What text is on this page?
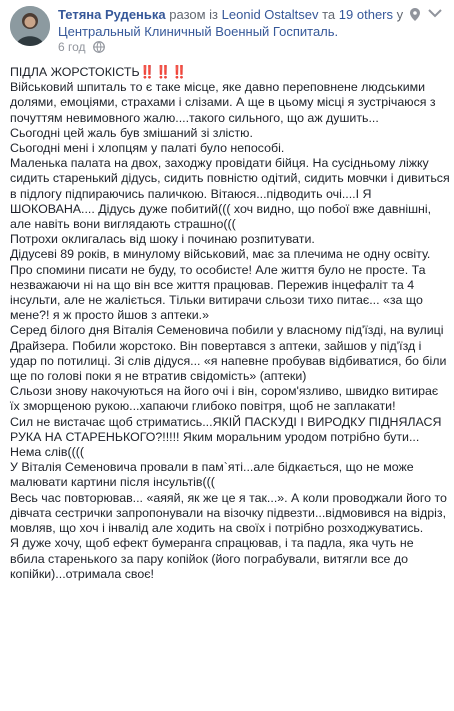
Тетяна Руденька разом із Leonid Ostaltsev та 19 others у
Центральный Клиничный Военный Госпиталь.
6 год

ПІДЛА ЖОРСТОКІСТЬ‼️‼️‼️

Військовий шпиталь то є таке місце, яке давно переповнене людськими долями, емоціями, страхами і слізами. А ще в цьому місці я зустрічаюся з почуттям невимовного жалю....такого сильного, що аж душить...

Сьогодні цей жаль був змішаний зі злістю.

Сьогодні мені і хлопцям у палаті було непособі.

Маленька палата на двох, заходжу провідати бійця. На сусідньому ліжку сидить старенький дідусь, сидить повністю одітий, сидить мовчки і дивиться в підлогу підпираючись паличкою. Вітаюся...підводить очі....І Я ШОКОВАНА.... Дідусь дуже побитий((( хоч видно, що побої вже давнішні, але навіть вони виглядають страшно(((

Потрохи оклигалась від шоку і починаю розпитувати.

Дідусеві 89 років, в минулому військовий, має за плечима не одну освіту. Про спомини писати не буду, то особисте! Але життя було не просте. Та незважаючи ні на що він все життя працював. Пережив інцефаліт та 4 інсульти, але не жаліється. Тільки витирачи сльози тихо питає... «за що мене?! я ж просто йшов з аптеки.»

Серед білого дня Віталія Семеновича побили у власному під'їзді, на вулиці Драйзера. Побили жорстоко. Він повертався з аптеки, зайшов у під'їзд і удар по потилиці. Зі слів дідуся... «я напевне пробував відбиватися, бо біли ще по голові поки я не втратив свідомість» (аптеки)

Сльози знову накочуються на його очі і він, сором'язливо, швидко витирає їх зморщеною рукою...хапаючи глибоко повітря, щоб не заплакати!

Сил не вистачає щоб стриматись...ЯКІЙ ПАСКУДІ І ВИРОДКУ ПІДНЯЛАСЯ РУКА НА СТАРЕНЬКОГО?!!!!! Яким моральним уродом потрібно бути...

Нема слів((((

У Віталія Семеновича провали в пам`яті...але бідкається, що не може малювати картини після інсультів(((

Весь час повторював... «аяяй, як же це я так...». А коли проводжали його то дівчата сестрички запропонували на візочку підвезти...відмовився на відріз, мовляв, що хоч і інвалід але ходить на своїх і потрібно розходжуватись.

Я дуже хочу, щоб ефект бумеранга спрацював, і та падла, яка чуть не вбила старенького за пару копійок (його пограбували, витягли все до копійки)...отримала своє!
